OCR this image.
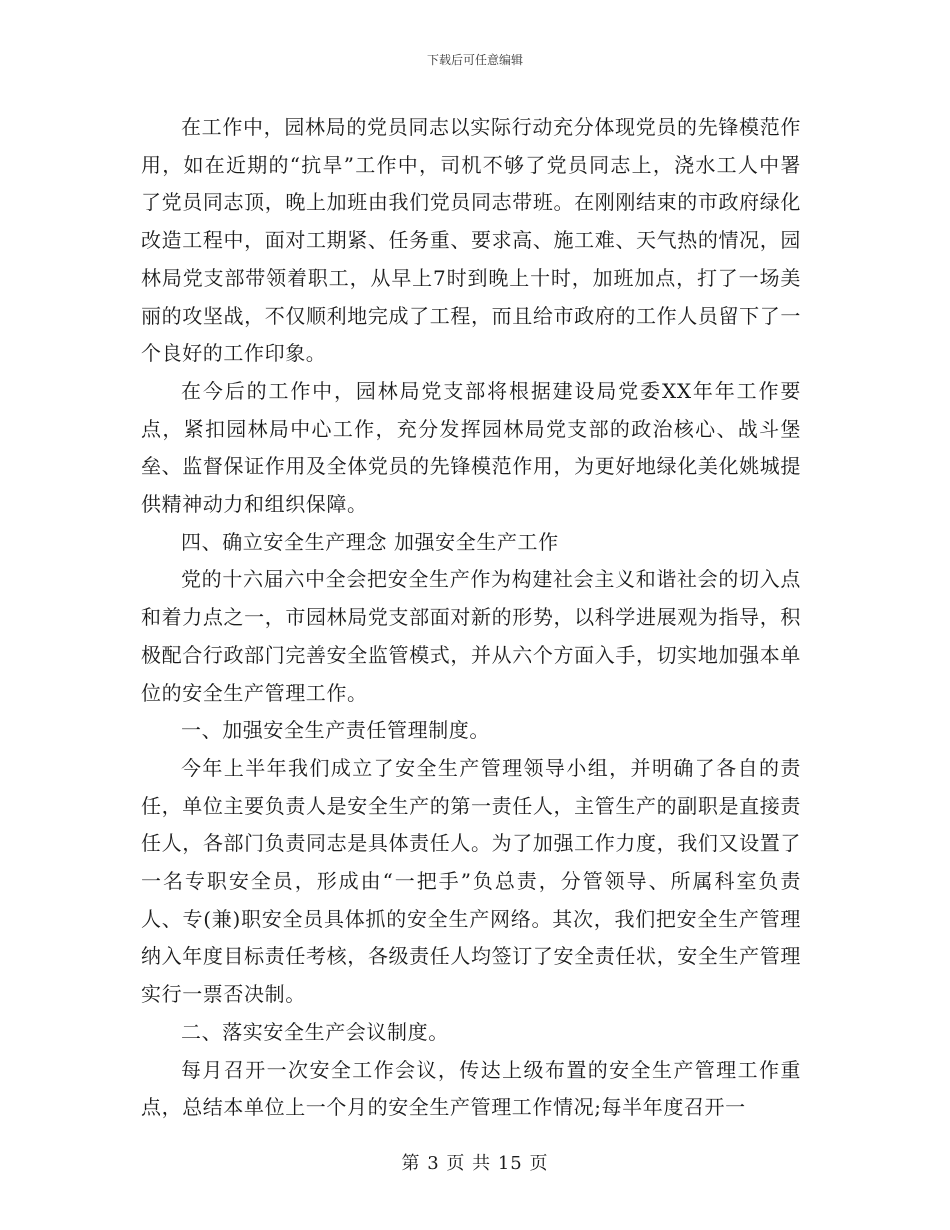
下载后可任意编辑

在工作中，园林局的党员同志以实际行动充分体现党员的先锋模范作用，如在近期的“抗旱”工作中，司机不够了党员同志上，浇水工人中署了党员同志顶，晚上加班由我们党员同志带班。在刚刚结束的市政府绿化改造工程中，面对工期紧、任务重、要求高、施工难、天气热的情况，园林局党支部带领着职工，从早上7时到晚上十时，加班加点，打了一场美丽的攻坚战，不仅顺利地完成了工程，而且给市政府的工作人员留下了一个良好的工作印象。

在今后的工作中，园林局党支部将根据建设局党委XX年年工作要点，紧扣园林局中心工作，充分发挥园林局党支部的政治核心、战斗堡垒、监督保证作用及全体党员的先锋模范作用，为更好地绿化美化姚城提供精神动力和组织保障。

四、确立安全生产理念 加强安全生产工作

党的十六届六中全会把安全生产作为构建社会主义和谐社会的切入点和着力点之一，市园林局党支部面对新的形势，以科学进展观为指导，积极配合行政部门完善安全监管模式，并从六个方面入手，切实地加强本单位的安全生产管理工作。

一、加强安全生产责任管理制度。

今年上半年我们成立了安全生产管理领导小组，并明确了各自的责任，单位主要负责人是安全生产的第一责任人，主管生产的副职是直接责任人，各部门负责同志是具体责任人。为了加强工作力度，我们又设置了一名专职安全员，形成由“一把手”负总责，分管领导、所属科室负责人、专(兼)职安全员具体抓的安全生产网络。其次，我们把安全生产管理纳入年度目标责任考核，各级责任人均签订了安全责任状，安全生产管理实行一票否决制。

二、落实安全生产会议制度。

每月召开一次安全工作会议，传达上级布置的安全生产管理工作重点，总结本单位上一个月的安全生产管理工作情况;每半年度召开一

第 3 页 共 15 页
